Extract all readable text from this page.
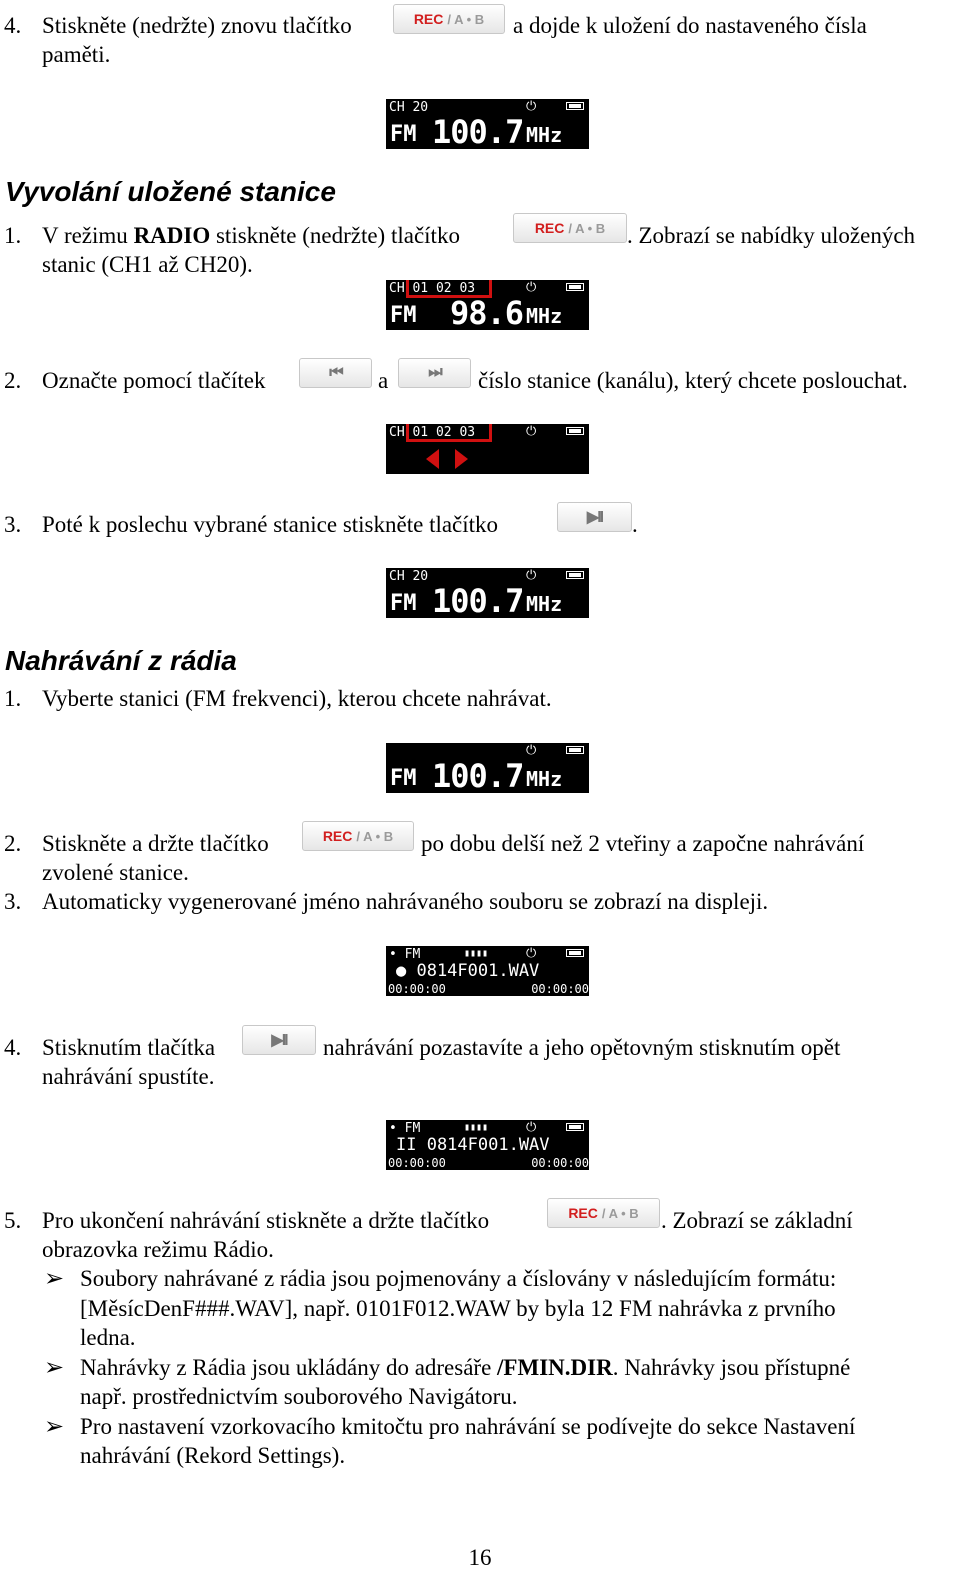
4. Stiskněte (nedržte) znovu tlačítko	REC / A • B a dojde k uložení do nastaveného čísla
paměti.
CH 20	⏻
FM 100.7 MHz
Vyvolání uložené stanice
1. V režimu RADIO stiskněte (nedržte) tlačítko	REC / A • B . Zobrazí se nabídky uložených
stanic (CH1 až CH20).
CH 01 02 03	⏻
FM 98.6 MHz
2. Označte pomocí tlačítek	⏮ a	⏭ číslo stanice (kanálu), který chcete poslouchat.
CH 01 02 03	⏻
3. Poté k poslechu vybrané stanice stiskněte tlačítko	▶II .
CH 20	⏻
FM 100.7 MHz
Nahrávání z rádia
1. Vyberte stanici (FM frekvenci), kterou chcete nahrávat.
⏻
FM 100.7 MHz
2. Stiskněte a držte tlačítko	REC / A • B po dobu delší než 2 vteřiny a započne nahrávání
zvolené stanice.
3. Automaticky vygenerované jméno nahrávaného souboru se zobrazí na displeji.
• FM	▮▮▮▮	⏻
● 0814F001.WAV
00:00:00	00:00:00
4. Stisknutím tlačítka	▶II nahrávání pozastavíte a jeho opětovným stisknutím opět
nahrávání spustíte.
• FM	▮▮▮▮	⏻
II 0814F001.WAV
00:00:00	00:00:00
5. Pro ukončení nahrávání stiskněte a držte tlačítko	REC / A • B . Zobrazí se základní
obrazovka režimu Rádio.
➢ Soubory nahrávané z rádia jsou pojmenovány a číslovány v následujícím formátu:
[MěsícDenF###.WAV], např. 0101F012.WAW by byla 12 FM nahrávka z prvního
ledna.
➢ Nahrávky z Rádia jsou ukládány do adresáře /FMIN.DIR. Nahrávky jsou přístupné
např. prostřednictvím souborového Navigátoru.
➢ Pro nastavení vzorkovacího kmitočtu pro nahrávání se podívejte do sekce Nastavení
nahrávání (Rekord Settings).
16
